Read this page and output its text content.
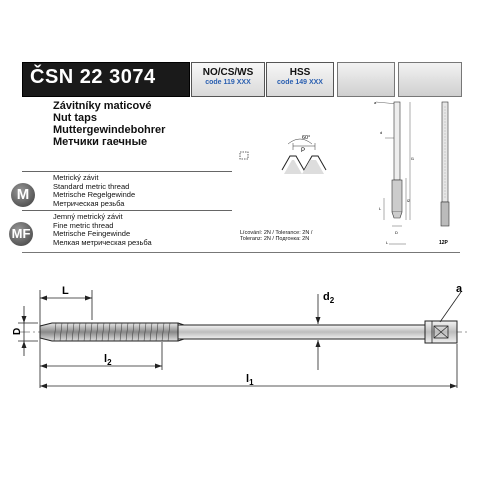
ČSN 22 3074	NO/CS/WS
code 119 XXX
HSS
code 149 XXX
Závitníky maticové
Nut taps
Muttergewindebohrer
Метчики гаечные	60°
P
a
d
l1
l2
L
D
L	12P
M
Metrický závit
Standard metric thread
Metrische Regelgewinde
Метрическая резьба
MF
Jemný metrický závit
Fine metric thread
Metrische Feingewinde
Мелкая метрическая резьба
Lícování: 2N / Tolerance: 2N /
Toleranz: 2N / Подгонка: 2N
L	$d_2$
a
D
$l_2$
$l_1$
